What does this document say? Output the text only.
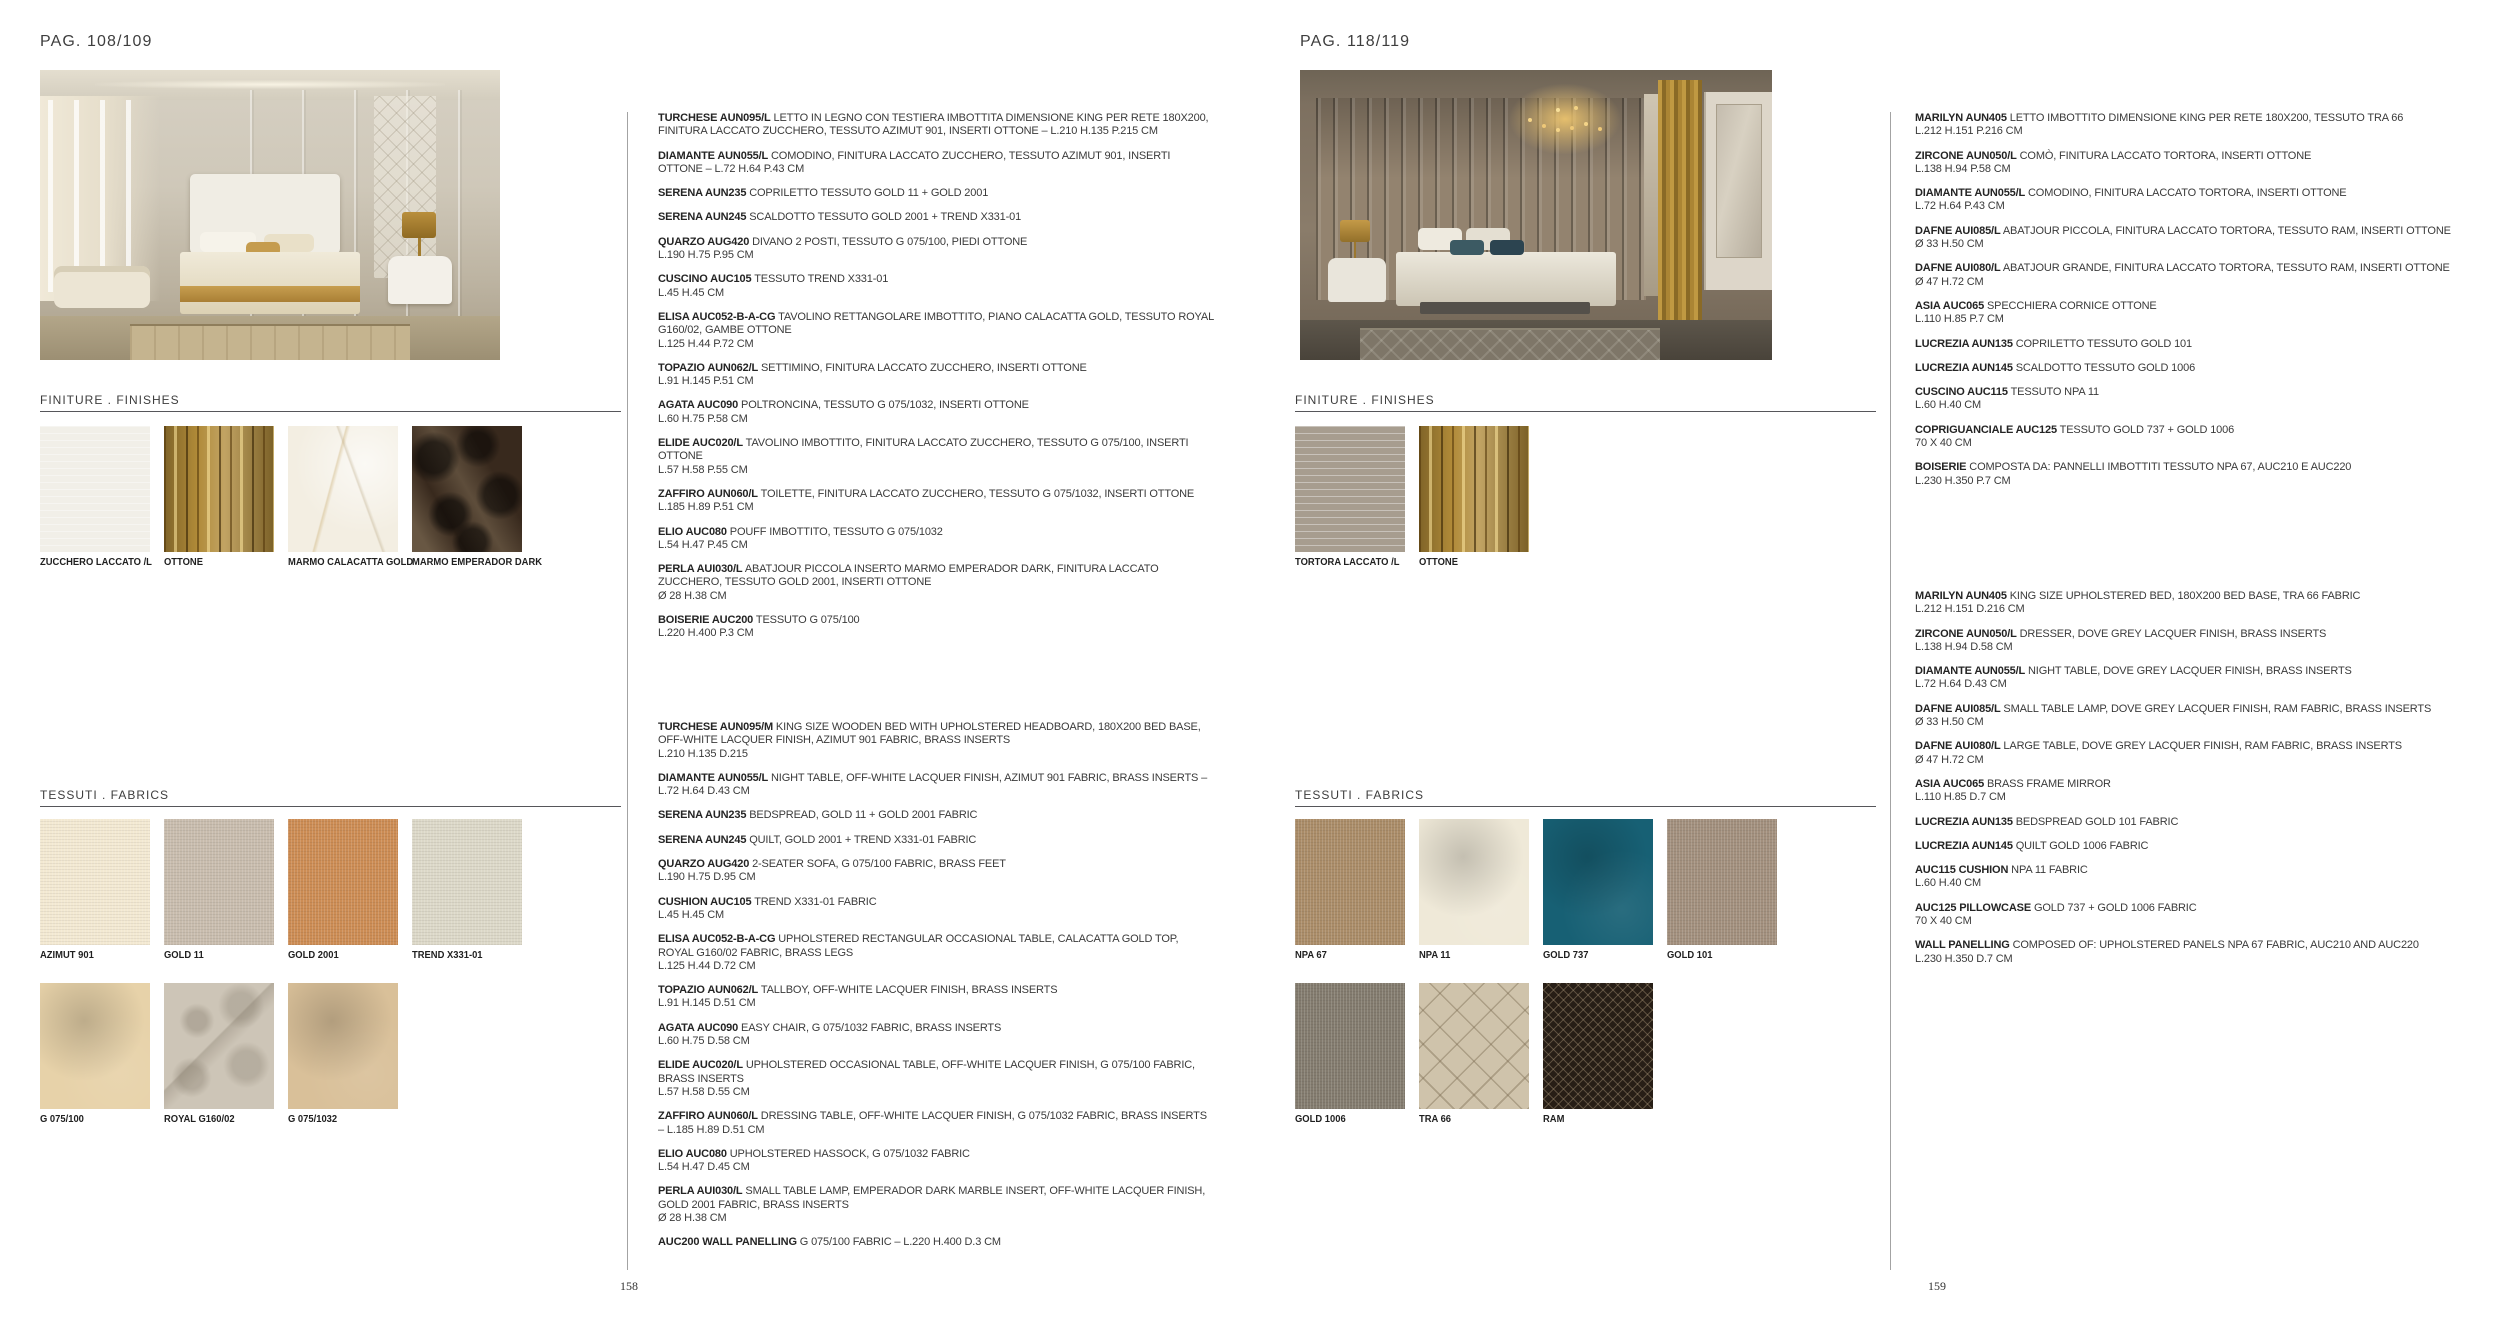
PAG. 108/109
FINITURE . FINISHES
ZUCCHERO LACCATO /L	OTTONE	MARMO CALACATTA GOLD
MARMO EMPERADOR DARK
TESSUTI . FABRICS
AZIMUT 901	GOLD 11	GOLD 2001	TREND X331-01
G 075/100	ROYAL G160/02	G 075/1032

TURCHESE AUN095/L LETTO IN LEGNO CON TESTIERA IMBOTTITA DIMENSIONE KING PER RETE 180X200, FINITURA LACCATO ZUCCHERO, TESSUTO AZIMUT 901, INSERTI OTTONE – L.210 H.135 P.215 CM

DIAMANTE AUN055/L COMODINO, FINITURA LACCATO ZUCCHERO, TESSUTO AZIMUT 901, INSERTI OTTONE – L.72 H.64 P.43 CM

SERENA AUN235 COPRILETTO TESSUTO GOLD 11 + GOLD 2001

SERENA AUN245 SCALDOTTO TESSUTO GOLD 2001 + TREND X331-01

QUARZO AUG420 DIVANO 2 POSTI, TESSUTO G 075/100, PIEDI OTTONE
L.190 H.75 P.95 CM

CUSCINO AUC105 TESSUTO TREND X331-01
L.45 H.45 CM

ELISA AUC052-B-A-CG TAVOLINO RETTANGOLARE IMBOTTITO, PIANO CALACATTA GOLD, TESSUTO ROYAL G160/02, GAMBE OTTONE
L.125 H.44 P.72 CM

TOPAZIO AUN062/L SETTIMINO, FINITURA LACCATO ZUCCHERO, INSERTI OTTONE
L.91 H.145 P.51 CM

AGATA AUC090 POLTRONCINA, TESSUTO G 075/1032, INSERTI OTTONE
L.60 H.75 P.58 CM

ELIDE AUC020/L TAVOLINO IMBOTTITO, FINITURA LACCATO ZUCCHERO, TESSUTO G 075/100, INSERTI OTTONE
L.57 H.58 P.55 CM

ZAFFIRO AUN060/L TOILETTE, FINITURA LACCATO ZUCCHERO, TESSUTO G 075/1032, INSERTI OTTONE
L.185 H.89 P.51 CM

ELIO AUC080 POUFF IMBOTTITO, TESSUTO G 075/1032
L.54 H.47 P.45 CM

PERLA AUI030/L ABATJOUR PICCOLA INSERTO MARMO EMPERADOR DARK, FINITURA LACCATO ZUCCHERO, TESSUTO GOLD 2001, INSERTI OTTONE
Ø 28 H.38 CM

BOISERIE AUC200 TESSUTO G 075/100
L.220 H.400 P.3 CM

TURCHESE AUN095/M KING SIZE WOODEN BED WITH UPHOLSTERED HEADBOARD, 180X200 BED BASE, OFF-WHITE LACQUER FINISH, AZIMUT 901 FABRIC, BRASS INSERTS
L.210 H.135 D.215

DIAMANTE AUN055/L NIGHT TABLE, OFF-WHITE LACQUER FINISH, AZIMUT 901 FABRIC, BRASS INSERTS – L.72 H.64 D.43 CM

SERENA AUN235 BEDSPREAD, GOLD 11 + GOLD 2001 FABRIC

SERENA AUN245 QUILT, GOLD 2001 + TREND X331-01 FABRIC

QUARZO AUG420 2-SEATER SOFA, G 075/100 FABRIC, BRASS FEET
L.190 H.75 D.95 CM

CUSHION AUC105 TREND X331-01 FABRIC
L.45 H.45 CM

ELISA AUC052-B-A-CG UPHOLSTERED RECTANGULAR OCCASIONAL TABLE, CALACATTA GOLD TOP, ROYAL G160/02 FABRIC, BRASS LEGS
L.125 H.44 D.72 CM

TOPAZIO AUN062/L TALLBOY, OFF-WHITE LACQUER FINISH, BRASS INSERTS
L.91 H.145 D.51 CM

AGATA AUC090 EASY CHAIR, G 075/1032 FABRIC, BRASS INSERTS
L.60 H.75 D.58 CM

ELIDE AUC020/L UPHOLSTERED OCCASIONAL TABLE, OFF-WHITE LACQUER FINISH, G 075/100 FABRIC, BRASS INSERTS
L.57 H.58 D.55 CM

ZAFFIRO AUN060/L DRESSING TABLE, OFF-WHITE LACQUER FINISH, G 075/1032 FABRIC, BRASS INSERTS – L.185 H.89 D.51 CM

ELIO AUC080 UPHOLSTERED HASSOCK, G 075/1032 FABRIC
L.54 H.47 D.45 CM

PERLA AUI030/L SMALL TABLE LAMP, EMPERADOR DARK MARBLE INSERT, OFF-WHITE LACQUER FINISH, GOLD 2001 FABRIC, BRASS INSERTS
Ø 28 H.38 CM

AUC200 WALL PANELLING G 075/100 FABRIC – L.220 H.400 D.3 CM

158
PAG. 118/119
FINITURE . FINISHES
TORTORA LACCATO /L	OTTONE
TESSUTI . FABRICS
NPA 67	NPA 11	GOLD 737	GOLD 101
GOLD 1006	TRA 66	RAM

MARILYN AUN405 LETTO IMBOTTITO DIMENSIONE KING PER RETE 180X200, TESSUTO TRA 66
L.212 H.151 P.216 CM

ZIRCONE AUN050/L COMÒ, FINITURA LACCATO TORTORA, INSERTI OTTONE
L.138 H.94 P.58 CM

DIAMANTE AUN055/L COMODINO, FINITURA LACCATO TORTORA, INSERTI OTTONE
L.72 H.64 P.43 CM

DAFNE AUI085/L ABATJOUR PICCOLA, FINITURA LACCATO TORTORA, TESSUTO RAM, INSERTI OTTONE
Ø 33 H.50 CM

DAFNE AUI080/L ABATJOUR GRANDE, FINITURA LACCATO TORTORA, TESSUTO RAM, INSERTI OTTONE
Ø 47 H.72 CM

ASIA AUC065 SPECCHIERA CORNICE OTTONE
L.110 H.85 P.7 CM

LUCREZIA AUN135 COPRILETTO TESSUTO GOLD 101

LUCREZIA AUN145 SCALDOTTO TESSUTO GOLD 1006

CUSCINO AUC115 TESSUTO NPA 11
L.60 H.40 CM

COPRIGUANCIALE AUC125 TESSUTO GOLD 737 + GOLD 1006
70 X 40 CM

BOISERIE COMPOSTA DA: PANNELLI IMBOTTITI TESSUTO NPA 67, AUC210 E AUC220
L.230 H.350 P.7 CM

MARILYN AUN405 KING SIZE UPHOLSTERED BED, 180X200 BED BASE, TRA 66 FABRIC
L.212 H.151 D.216 CM

ZIRCONE AUN050/L DRESSER, DOVE GREY LACQUER FINISH, BRASS INSERTS
L.138 H.94 D.58 CM

DIAMANTE AUN055/L NIGHT TABLE, DOVE GREY LACQUER FINISH, BRASS INSERTS
L.72 H.64 D.43 CM

DAFNE AUI085/L SMALL TABLE LAMP, DOVE GREY LACQUER FINISH, RAM FABRIC, BRASS INSERTS
Ø 33 H.50 CM

DAFNE AUI080/L LARGE TABLE, DOVE GREY LACQUER FINISH, RAM FABRIC, BRASS INSERTS
Ø 47 H.72 CM

ASIA AUC065 BRASS FRAME MIRROR
L.110 H.85 D.7 CM

LUCREZIA AUN135 BEDSPREAD GOLD 101 FABRIC

LUCREZIA AUN145 QUILT GOLD 1006 FABRIC

AUC115 CUSHION NPA 11 FABRIC
L.60 H.40 CM

AUC125 PILLOWCASE GOLD 737 + GOLD 1006 FABRIC
70 X 40 CM

WALL PANELLING COMPOSED OF: UPHOLSTERED PANELS NPA 67 FABRIC, AUC210 AND AUC220
L.230 H.350 D.7 CM

159
